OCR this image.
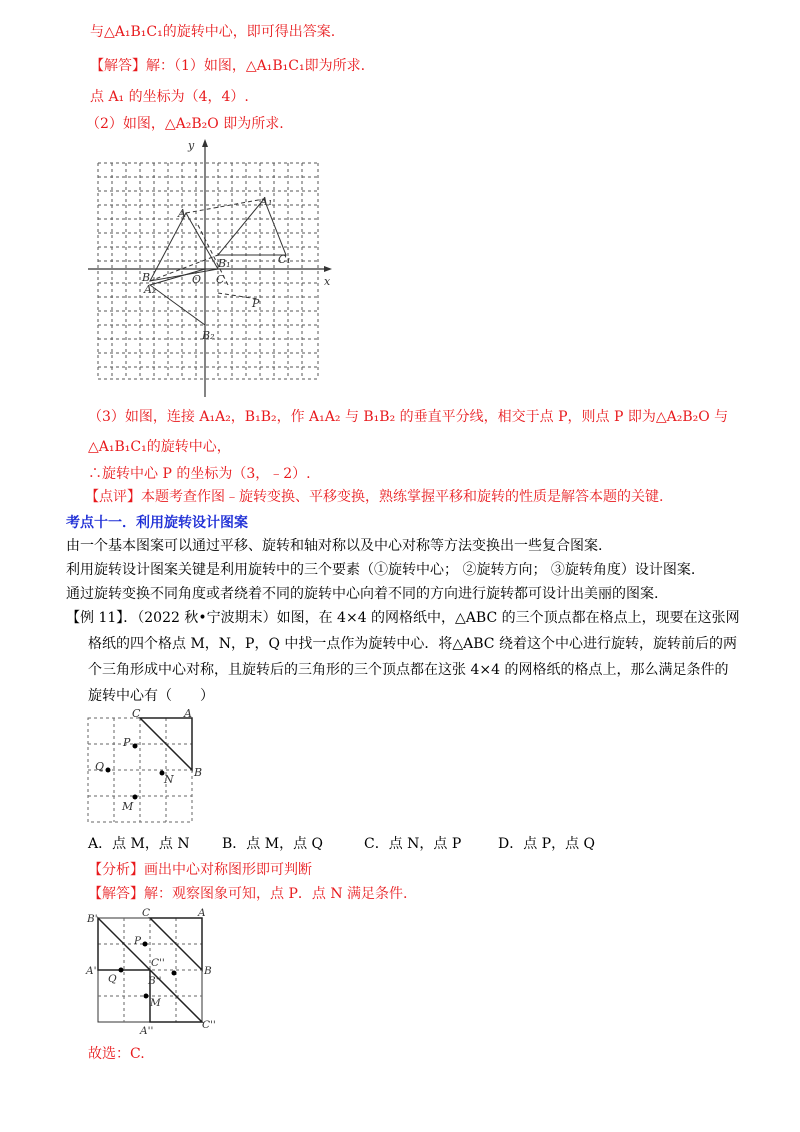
与△A₁B₁C₁的旋转中心，即可得出答案.
【解答】解：（1）如图，△A₁B₁C₁即为所求.
点 A₁ 的坐标为（4，4）.
（2）如图，△A₂B₂O 即为所求.
y
x
A
A₁
B
B₁	C₁
O C
A₂
P
B₂
（3）如图，连接 A₁A₂，B₁B₂，作 A₁A₂ 与 B₁B₂ 的垂直平分线，相交于点 P，则点 P 即为△A₂B₂O 与
△A₁B₁C₁的旋转中心，
∴旋转中心 P 的坐标为（3，﹣2）.
【点评】本题考查作图﹣旋转变换、平移变换，熟练掌握平移和旋转的性质是解答本题的关键.
考点十一．利用旋转设计图案
由一个基本图案可以通过平移、旋转和轴对称以及中心对称等方法变换出一些复合图案.
利用旋转设计图案关键是利用旋转中的三个要素（①旋转中心； ②旋转方向； ③旋转角度）设计图案.
通过旋转变换不同角度或者绕着不同的旋转中心向着不同的方向进行旋转都可设计出美丽的图案.
【例 11】．（2022 秋•宁波期末）如图，在 4×4 的网格纸中，△ABC 的三个顶点都在格点上，现要在这张网
格纸的四个格点 M，N，P，Q 中找一点作为旋转中心．将△ABC 绕着这个中心进行旋转，旋转前后的两
个三角形成中心对称，且旋转后的三角形的三个顶点都在这张 4×4 的网格纸的格点上，那么满足条件的
旋转中心有（　　）
C	A
P
Q
N
B
M
A．点 M，点 N B．点 M，点 Q	C．点 N，点 P	D．点 P，点 Q
【分析】画出中心对称图形即可判断
【解答】解：观察图象可知，点 P．点 N 满足条件.
B'	C	A
P
A'
C''
B
Q	B''
M
A''	C''
故选：C.
